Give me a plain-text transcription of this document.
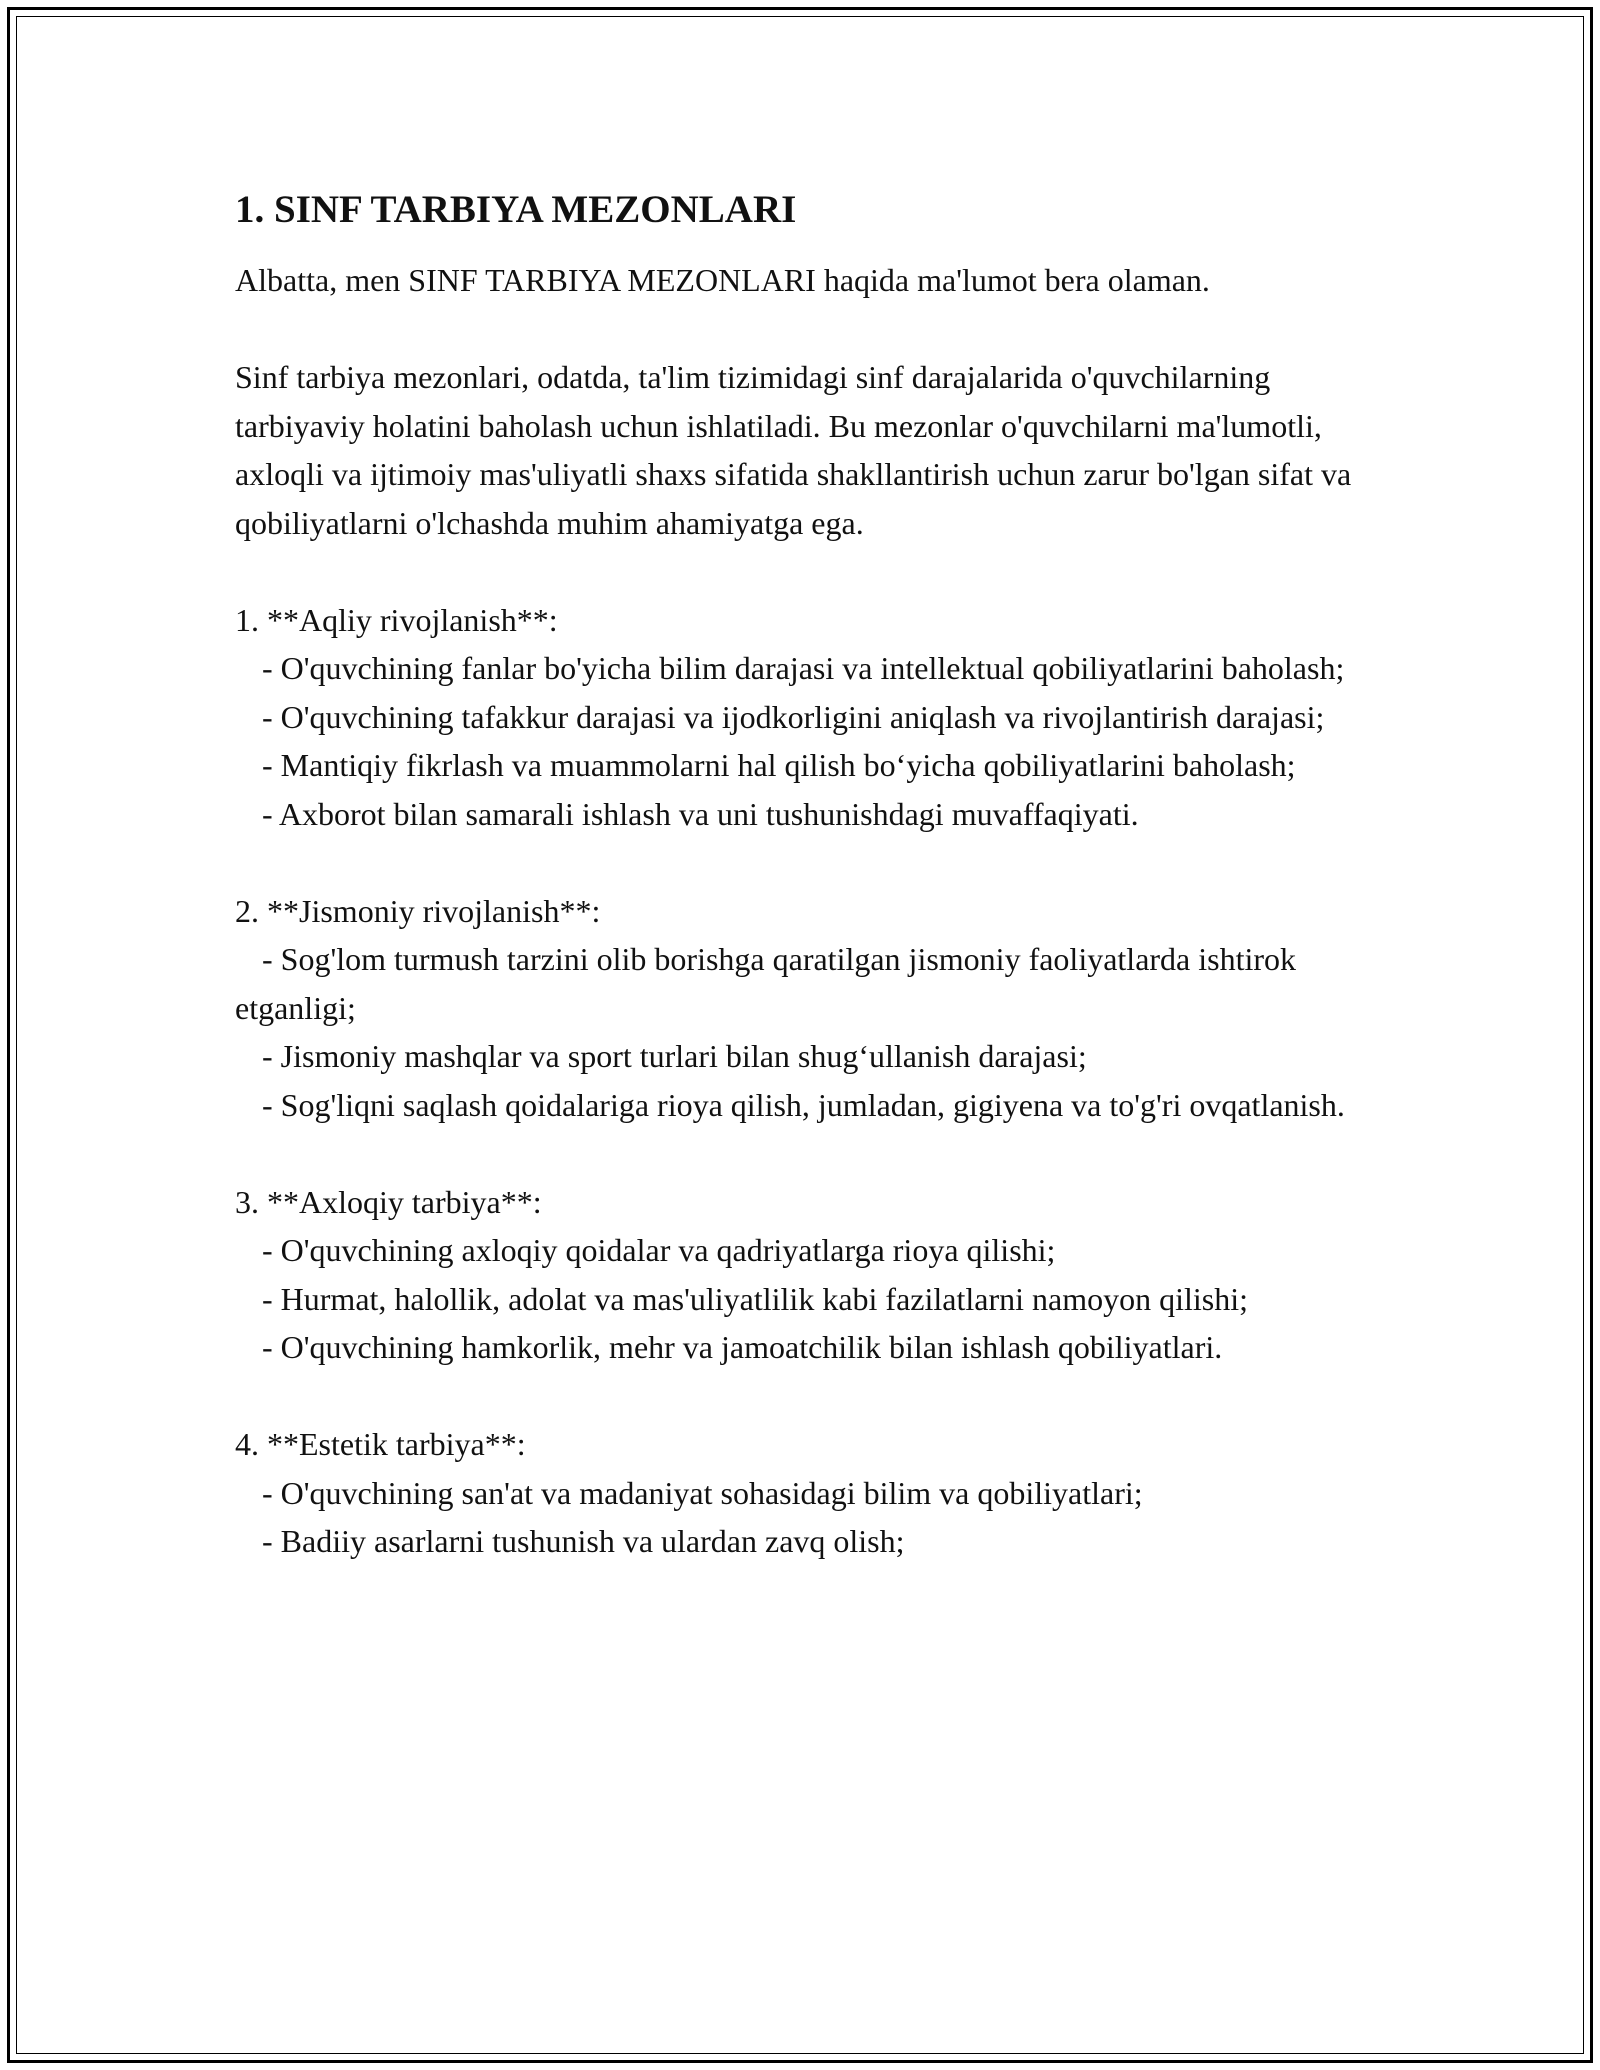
1. SINF TARBIYA MEZONLARI

Albatta, men SINF TARBIYA MEZONLARI haqida ma'lumot bera olaman.

Sinf tarbiya mezonlari, odatda, ta'lim tizimidagi sinf darajalarida o'quvchilarning tarbiyaviy holatini baholash uchun ishlatiladi. Bu mezonlar o'quvchilarni ma'lumotli, axloqli va ijtimoiy mas'uliyatli shaxs sifatida shakllantirish uchun zarur bo'lgan sifat va qobiliyatlarni o'lchashda muhim ahamiyatga ega.

1. **Aqliy rivojlanish**:

- O'quvchining fanlar bo'yicha bilim darajasi va intellektual qobiliyatlarini baholash;

- O'quvchining tafakkur darajasi va ijodkorligini aniqlash va rivojlantirish darajasi;

- Mantiqiy fikrlash va muammolarni hal qilish bo‘yicha qobiliyatlarini baholash;

- Axborot bilan samarali ishlash va uni tushunishdagi muvaffaqiyati.

2. **Jismoniy rivojlanish**:

- Sog'lom turmush tarzini olib borishga qaratilgan jismoniy faoliyatlarda ishtirok etganligi;

- Jismoniy mashqlar va sport turlari bilan shug‘ullanish darajasi;

- Sog'liqni saqlash qoidalariga rioya qilish, jumladan, gigiyena va to'g'ri ovqatlanish.

3. **Axloqiy tarbiya**:

- O'quvchining axloqiy qoidalar va qadriyatlarga rioya qilishi;

- Hurmat, halollik, adolat va mas'uliyatlilik kabi fazilatlarni namoyon qilishi;

- O'quvchining hamkorlik, mehr va jamoatchilik bilan ishlash qobiliyatlari.

4. **Estetik tarbiya**:

- O'quvchining san'at va madaniyat sohasidagi bilim va qobiliyatlari;

- Badiiy asarlarni tushunish va ulardan zavq olish;
